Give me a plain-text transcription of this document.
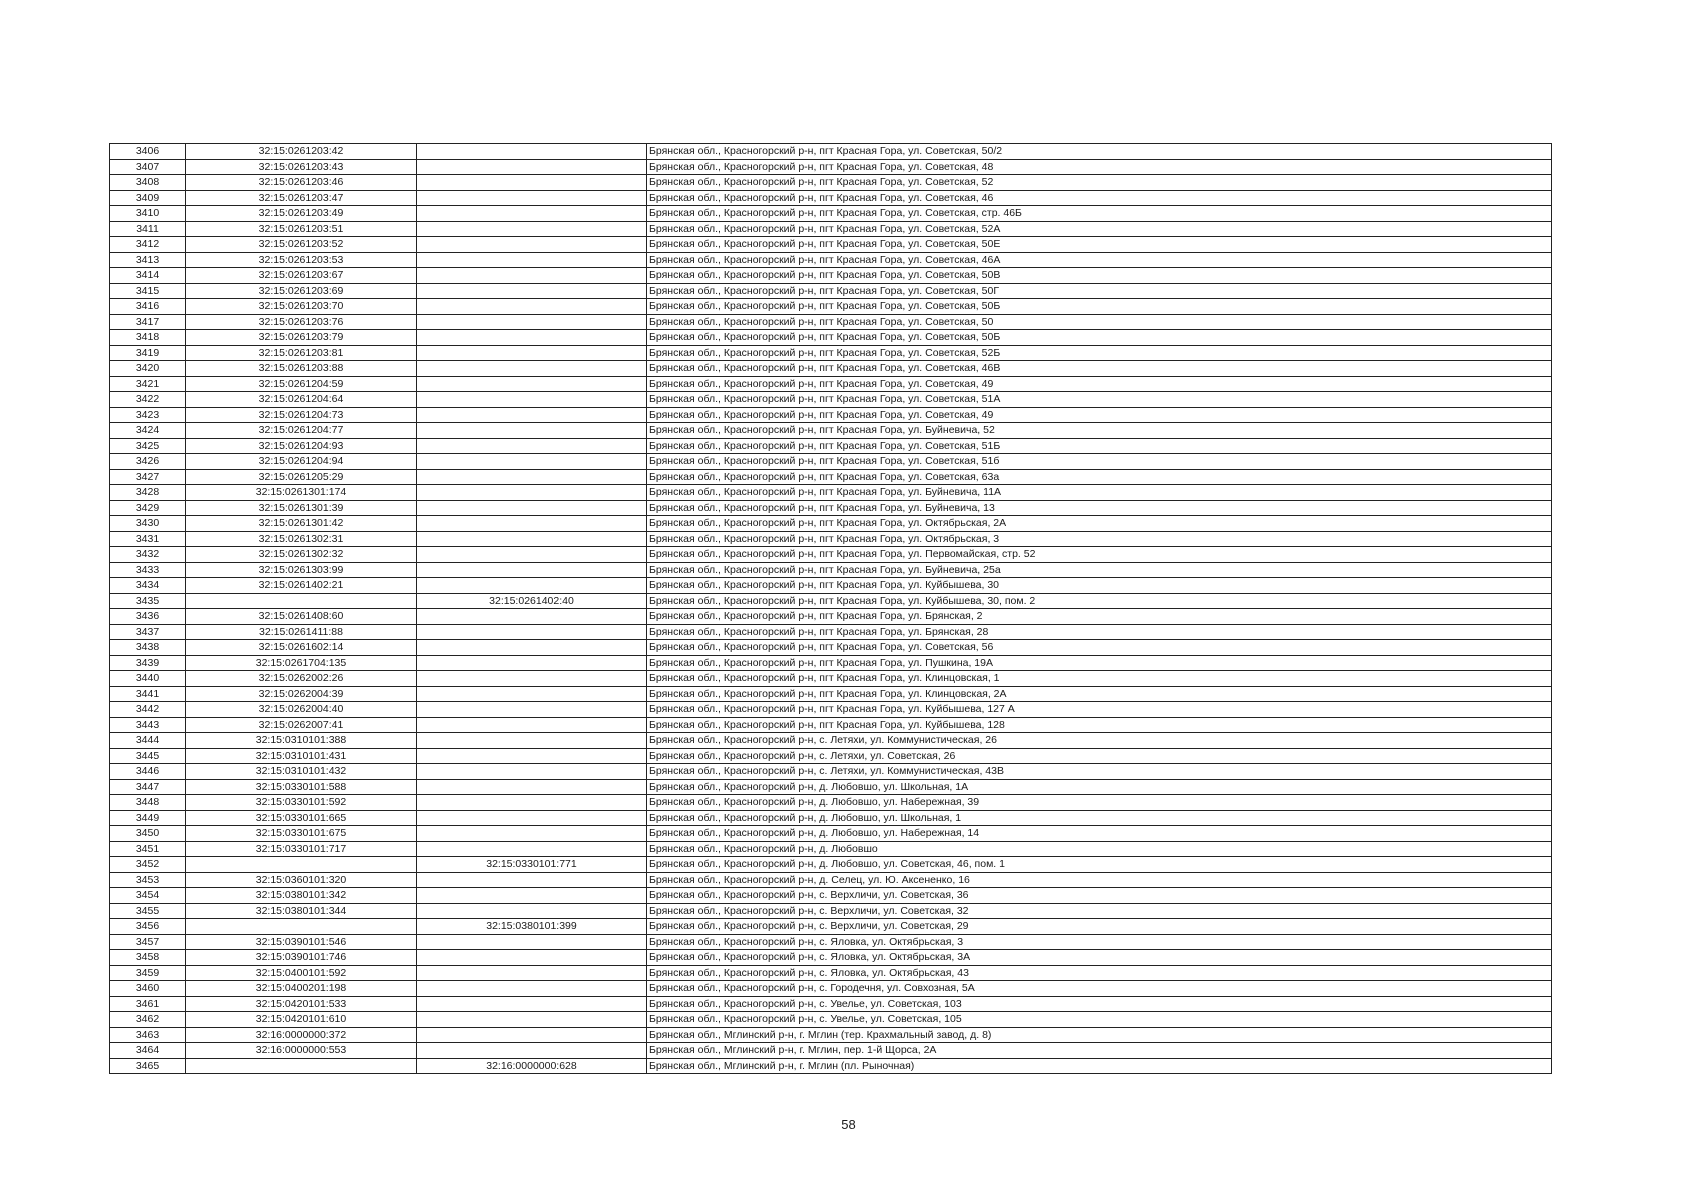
3406	32:15:0261203:42		Брянская обл., Красногорский р-н, пгт Красная Гора, ул. Советская, 50/2
3407	32:15:0261203:43		Брянская обл., Красногорский р-н, пгт Красная Гора, ул. Советская, 48
3408	32:15:0261203:46		Брянская обл., Красногорский р-н, пгт Красная Гора, ул. Советская, 52
3409	32:15:0261203:47		Брянская обл., Красногорский р-н, пгт Красная Гора, ул. Советская, 46
3410	32:15:0261203:49		Брянская обл., Красногорский р-н, пгт Красная Гора, ул. Советская, стр. 46Б
3411	32:15:0261203:51		Брянская обл., Красногорский р-н, пгт Красная Гора, ул. Советская, 52А
3412	32:15:0261203:52		Брянская обл., Красногорский р-н, пгт Красная Гора, ул. Советская, 50Е
3413	32:15:0261203:53		Брянская обл., Красногорский р-н, пгт Красная Гора, ул. Советская, 46А
3414	32:15:0261203:67		Брянская обл., Красногорский р-н, пгт Красная Гора, ул. Советская, 50В
3415	32:15:0261203:69		Брянская обл., Красногорский р-н, пгт Красная Гора, ул. Советская, 50Г
3416	32:15:0261203:70		Брянская обл., Красногорский р-н, пгт Красная Гора, ул. Советская, 50Б
3417	32:15:0261203:76		Брянская обл., Красногорский р-н, пгт Красная Гора, ул. Советская, 50
3418	32:15:0261203:79		Брянская обл., Красногорский р-н, пгт Красная Гора, ул. Советская, 50Б
3419	32:15:0261203:81		Брянская обл., Красногорский р-н, пгт Красная Гора, ул. Советская, 52Б
3420	32:15:0261203:88		Брянская обл., Красногорский р-н, пгт Красная Гора, ул. Советская, 46В
3421	32:15:0261204:59		Брянская обл., Красногорский р-н, пгт Красная Гора, ул. Советская, 49
3422	32:15:0261204:64		Брянская обл., Красногорский р-н, пгт Красная Гора, ул. Советская, 51А
3423	32:15:0261204:73		Брянская обл., Красногорский р-н, пгт Красная Гора, ул. Советская, 49
3424	32:15:0261204:77		Брянская обл., Красногорский р-н, пгт Красная Гора, ул. Буйневича, 52
3425	32:15:0261204:93		Брянская обл., Красногорский р-н, пгт Красная Гора, ул. Советская, 51Б
3426	32:15:0261204:94		Брянская обл., Красногорский р-н, пгт Красная Гора, ул. Советская, 51б
3427	32:15:0261205:29		Брянская обл., Красногорский р-н, пгт Красная Гора, ул. Советская, 63а
3428	32:15:0261301:174		Брянская обл., Красногорский р-н, пгт Красная Гора, ул. Буйневича, 11А
3429	32:15:0261301:39		Брянская обл., Красногорский р-н, пгт Красная Гора, ул. Буйневича, 13
3430	32:15:0261301:42		Брянская обл., Красногорский р-н, пгт Красная Гора, ул. Октябрьская, 2А
3431	32:15:0261302:31		Брянская обл., Красногорский р-н, пгт Красная Гора, ул. Октябрьская, 3
3432	32:15:0261302:32		Брянская обл., Красногорский р-н, пгт Красная Гора, ул. Первомайская, стр. 52
3433	32:15:0261303:99		Брянская обл., Красногорский р-н, пгт Красная Гора, ул. Буйневича, 25а
3434	32:15:0261402:21		Брянская обл., Красногорский р-н, пгт Красная Гора, ул. Куйбышева, 30
3435		32:15:0261402:40	Брянская обл., Красногорский р-н, пгт Красная Гора, ул. Куйбышева, 30, пом. 2
3436	32:15:0261408:60		Брянская обл., Красногорский р-н, пгт Красная Гора, ул. Брянская, 2
3437	32:15:0261411:88		Брянская обл., Красногорский р-н, пгт Красная Гора, ул. Брянская, 28
3438	32:15:0261602:14		Брянская обл., Красногорский р-н, пгт Красная Гора, ул. Советская, 56
3439	32:15:0261704:135		Брянская обл., Красногорский р-н, пгт Красная Гора, ул. Пушкина, 19А
3440	32:15:0262002:26		Брянская обл., Красногорский р-н, пгт Красная Гора, ул. Клинцовская, 1
3441	32:15:0262004:39		Брянская обл., Красногорский р-н, пгт Красная Гора, ул. Клинцовская, 2А
3442	32:15:0262004:40		Брянская обл., Красногорский р-н, пгт Красная Гора, ул. Куйбышева, 127 А
3443	32:15:0262007:41		Брянская обл., Красногорский р-н, пгт Красная Гора, ул. Куйбышева, 128
3444	32:15:0310101:388		Брянская обл., Красногорский р-н, с. Летяхи, ул. Коммунистическая, 26
3445	32:15:0310101:431		Брянская обл., Красногорский р-н, с. Летяхи, ул. Советская, 26
3446	32:15:0310101:432		Брянская обл., Красногорский р-н, с. Летяхи, ул. Коммунистическая, 43В
3447	32:15:0330101:588		Брянская обл., Красногорский р-н, д. Любовшо, ул. Школьная, 1А
3448	32:15:0330101:592		Брянская обл., Красногорский р-н, д. Любовшо, ул. Набережная, 39
3449	32:15:0330101:665		Брянская обл., Красногорский р-н, д. Любовшо, ул. Школьная, 1
3450	32:15:0330101:675		Брянская обл., Красногорский р-н, д. Любовшо, ул. Набережная, 14
3451	32:15:0330101:717		Брянская обл., Красногорский р-н, д. Любовшо
3452		32:15:0330101:771	Брянская обл., Красногорский р-н, д. Любовшо, ул. Советская, 46, пом. 1
3453	32:15:0360101:320		Брянская обл., Красногорский р-н, д. Селец, ул. Ю. Аксененко, 16
3454	32:15:0380101:342		Брянская обл., Красногорский р-н, с. Верхличи, ул. Советская, 36
3455	32:15:0380101:344		Брянская обл., Красногорский р-н, с. Верхличи, ул. Советская, 32
3456		32:15:0380101:399	Брянская обл., Красногорский р-н, с. Верхличи, ул. Советская, 29
3457	32:15:0390101:546		Брянская обл., Красногорский р-н, с. Яловка, ул. Октябрьская, 3
3458	32:15:0390101:746		Брянская обл., Красногорский р-н, с. Яловка, ул. Октябрьская, 3А
3459	32:15:0400101:592		Брянская обл., Красногорский р-н, с. Яловка, ул. Октябрьская, 43
3460	32:15:0400201:198		Брянская обл., Красногорский р-н, с. Городечня, ул. Совхозная, 5А
3461	32:15:0420101:533		Брянская обл., Красногорский р-н, с. Увелье, ул. Советская, 103
3462	32:15:0420101:610		Брянская обл., Красногорский р-н, с. Увелье, ул. Советская, 105
3463	32:16:0000000:372		Брянская обл., Мглинский р-н, г. Мглин (тер. Крахмальный завод, д. 8)
3464	32:16:0000000:553		Брянская обл., Мглинский р-н, г. Мглин, пер. 1-й Щорса, 2А
3465		32:16:0000000:628	Брянская обл., Мглинский р-н, г. Мглин (пл. Рыночная)
58
